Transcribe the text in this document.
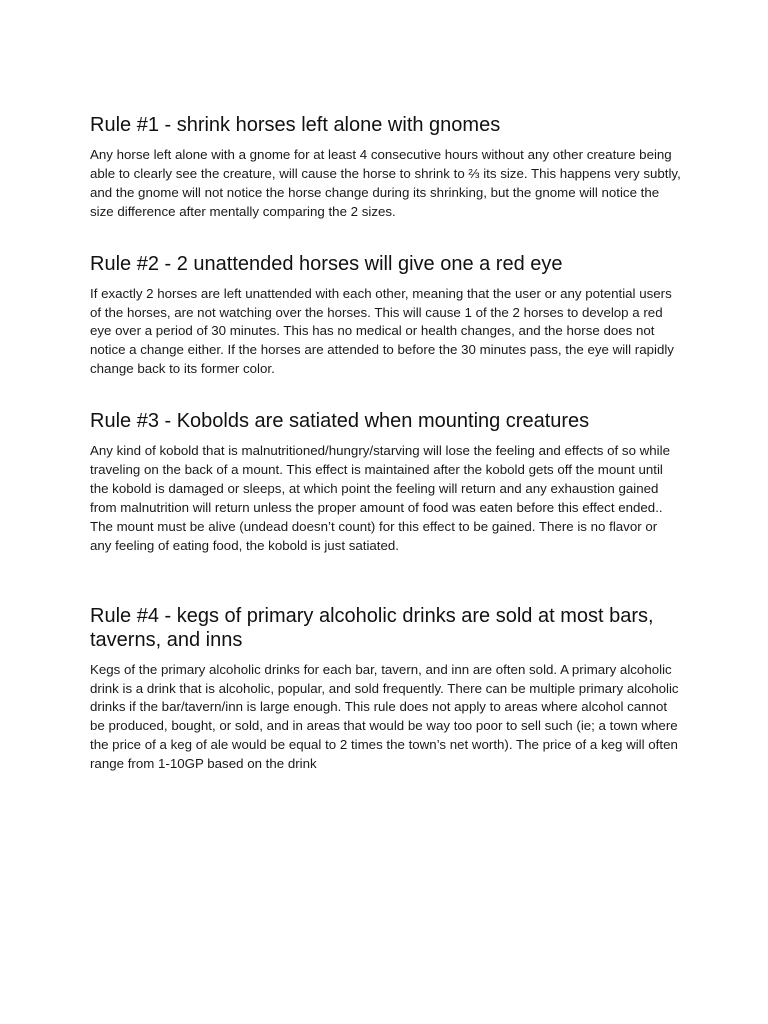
Rule #1 - shrink horses left alone with gnomes

Any horse left alone with a gnome for at least 4 consecutive hours without any other creature being able to clearly see the creature, will cause the horse to shrink to ⅔ its size. This happens very subtly, and the gnome will not notice the horse change during its shrinking, but the gnome will notice the size difference after mentally comparing the 2 sizes.

Rule #2 - 2 unattended horses will give one a red eye

If exactly 2 horses are left unattended with each other, meaning that the user or any potential users of the horses, are not watching over the horses. This will cause 1 of the 2 horses to develop a red eye over a period of 30 minutes. This has no medical or health changes, and the horse does not notice a change either. If the horses are attended to before the 30 minutes pass, the eye will rapidly change back to its former color.

Rule #3 - Kobolds are satiated when mounting creatures

Any kind of kobold that is malnutritioned/hungry/starving will lose the feeling and effects of so while traveling on the back of a mount. This effect is maintained after the kobold gets off the mount until the kobold is damaged or sleeps, at which point the feeling will return and any exhaustion gained from malnutrition will return unless the proper amount of food was eaten before this effect ended.. The mount must be alive (undead doesn’t count) for this effect to be gained. There is no flavor or any feeling of eating food, the kobold is just satiated.

Rule #4 - kegs of primary alcoholic drinks are sold at most bars, taverns, and inns

Kegs of the primary alcoholic drinks for each bar, tavern, and inn are often sold. A primary alcoholic drink is a drink that is alcoholic, popular, and sold frequently. There can be multiple primary alcoholic drinks if the bar/tavern/inn is large enough. This rule does not apply to areas where alcohol cannot be produced, bought, or sold, and in areas that would be way too poor to sell such (ie; a town where the price of a keg of ale would be equal to 2 times the town’s net worth). The price of a keg will often range from 1-10GP based on the drink
